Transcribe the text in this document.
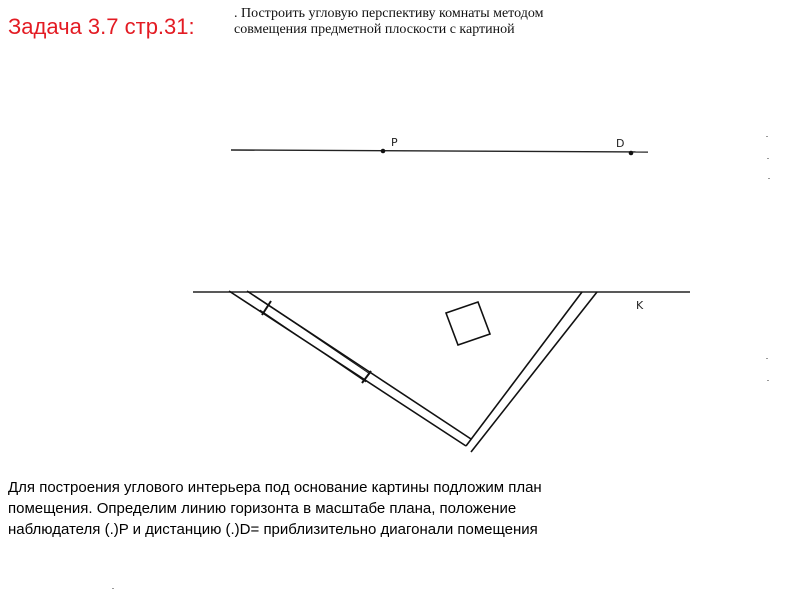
Задача 3.7 стр.31:
. Построить угловую перспективу комнаты методом
совмещения предметной плоскости с картиной
P	D
K
Для построения углового интерьера под основание картины подложим план
помещения. Определим линию горизонта в масштабе плана, положение
наблюдателя (.)P и дистанцию (.)D= приблизительно диагонали помещения
